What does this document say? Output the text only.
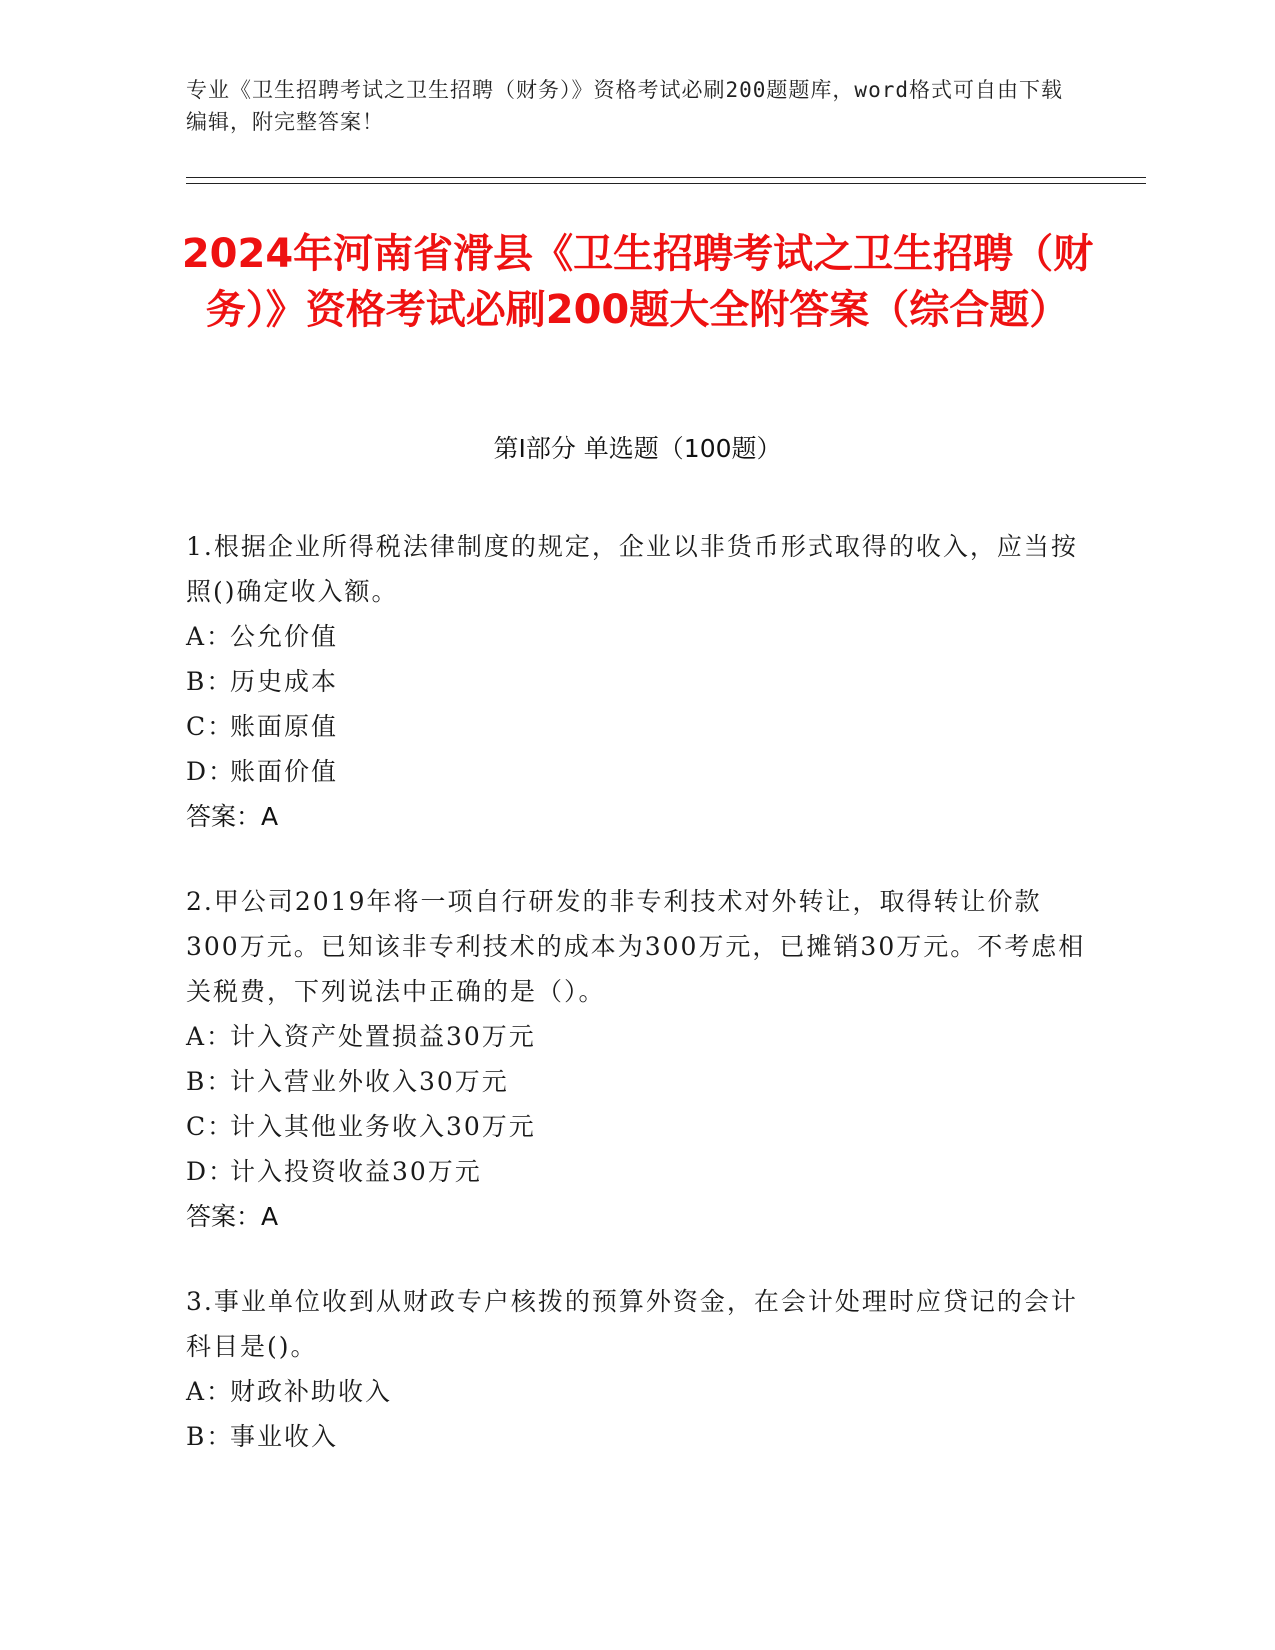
专业《卫生招聘考试之卫生招聘（财务）》资格考试必刷200题题库，word格式可自由下载编辑，附完整答案！
2024年河南省滑县《卫生招聘考试之卫生招聘（财务）》资格考试必刷200题大全附答案（综合题）
第I部分 单选题（100题）
1.根据企业所得税法律制度的规定，企业以非货币形式取得的收入，应当按照()确定收入额。
A：公允价值
B：历史成本
C：账面原值
D：账面价值
答案：A
2.甲公司2019年将一项自行研发的非专利技术对外转让，取得转让价款300万元。已知该非专利技术的成本为300万元，已摊销30万元。不考虑相关税费，下列说法中正确的是（）。
A：计入资产处置损益30万元
B：计入营业外收入30万元
C：计入其他业务收入30万元
D：计入投资收益30万元
答案：A
3.事业单位收到从财政专户核拨的预算外资金，在会计处理时应贷记的会计科目是()。
A：财政补助收入
B：事业收入
